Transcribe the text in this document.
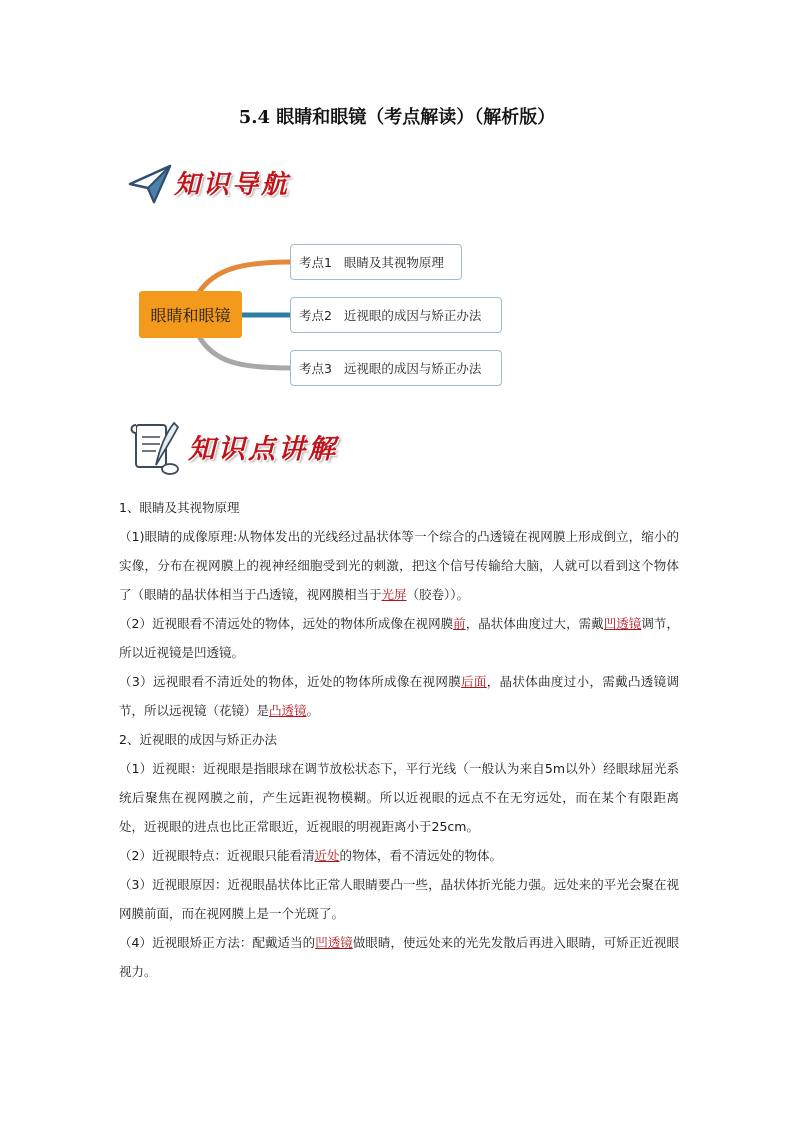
5.4 眼睛和眼镜（考点解读）（解析版）
知识导航
眼睛和眼镜
考点1   眼睛及其视物原理
考点2   近视眼的成因与矫正办法
考点3   远视眼的成因与矫正办法
知识点讲解

1、眼睛及其视物原理

（1)眼睛的成像原理:从物体发出的光线经过晶状体等一个综合的凸透镜在视网膜上形成倒立，缩小的实像，分布在视网膜上的视神经细胞受到光的刺激，把这个信号传输给大脑，人就可以看到这个物体了（眼睛的晶状体相当于凸透镜，视网膜相当于光屏（胶卷））。

（2）近视眼看不清远处的物体，远处的物体所成像在视网膜前，晶状体曲度过大，需戴凹透镜调节，所以近视镜是凹透镜。

（3）远视眼看不清近处的物体，近处的物体所成像在视网膜后面，晶状体曲度过小，需戴凸透镜调节，所以远视镜（花镜）是凸透镜。

2、近视眼的成因与矫正办法

（1）近视眼：近视眼是指眼球在调节放松状态下，平行光线（一般认为来自5m以外）经眼球屈光系统后聚焦在视网膜之前，产生远距视物模糊。所以近视眼的远点不在无穷远处，而在某个有限距离处，近视眼的进点也比正常眼近，近视眼的明视距离小于25cm。

（2）近视眼特点：近视眼只能看清近处的物体，看不清远处的物体。

（3）近视眼原因：近视眼晶状体比正常人眼睛要凸一些，晶状体折光能力强。远处来的平光会聚在视网膜前面，而在视网膜上是一个光斑了。

（4）近视眼矫正方法：配戴适当的凹透镜做眼睛，使远处来的光先发散后再进入眼睛，可矫正近视眼视力。
